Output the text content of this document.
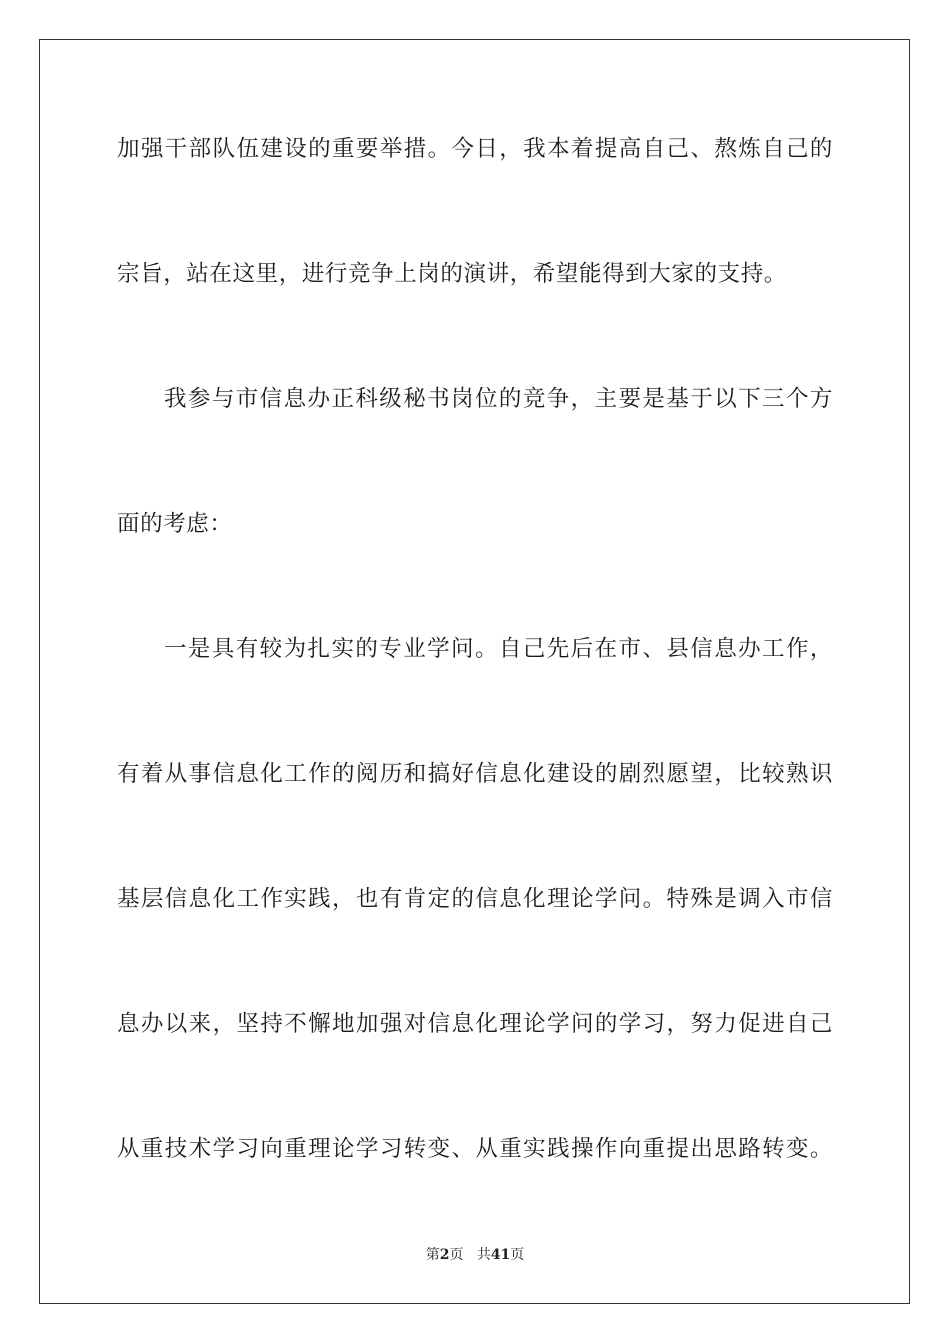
加强干部队伍建设的重要举措。今日，我本着提高自己、熬炼自己的
宗旨，站在这里，进行竞争上岗的演讲，希望能得到大家的支持。
我参与市信息办正科级秘书岗位的竞争，主要是基于以下三个方
面的考虑：
一是具有较为扎实的专业学问。自己先后在市、县信息办工作，
有着从事信息化工作的阅历和搞好信息化建设的剧烈愿望，比较熟识
基层信息化工作实践，也有肯定的信息化理论学问。特殊是调入市信
息办以来，坚持不懈地加强对信息化理论学问的学习，努力促进自己
从重技术学习向重理论学习转变、从重实践操作向重提出思路转变。
第2页 共41页
